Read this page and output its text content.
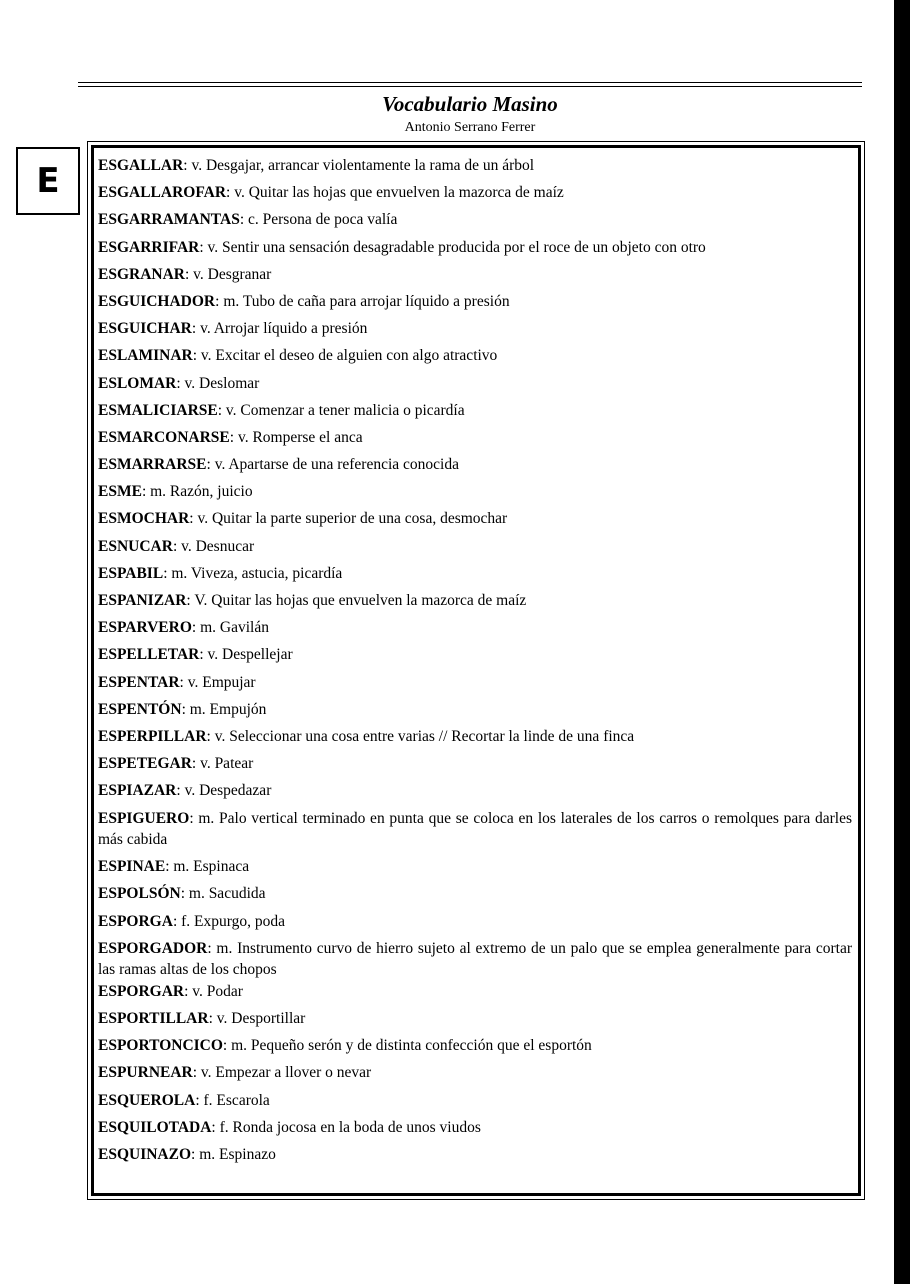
Vocabulario Masino
Antonio Serrano Ferrer
E ESGALLAR: v. Desgajar, arrancar violentamente la rama de un árbol
ESGALLAROFAR: v. Quitar las hojas que envuelven la mazorca de maíz
ESGARRAMANTAS: c. Persona de poca valía
ESGARRIFAR: v. Sentir una sensación desagradable producida por el roce de un objeto con otro
ESGRANAR: v. Desgranar
ESGUICHADOR: m. Tubo de caña para arrojar líquido a presión
ESGUICHAR: v. Arrojar líquido a presión
ESLAMINAR: v. Excitar el deseo de alguien con algo atractivo
ESLOMAR: v. Deslomar
ESMALICIARSE: v. Comenzar a tener malicia o picardía
ESMARCONARSE: v. Romperse el anca
ESMARRARSE: v. Apartarse de una referencia conocida
ESME: m. Razón, juicio
ESMOCHAR: v. Quitar la parte superior de una cosa, desmochar
ESNUCAR: v. Desnucar
ESPABIL: m. Viveza, astucia, picardía
ESPANIZAR: V. Quitar las hojas que envuelven la mazorca de maíz
ESPARVERO: m. Gavilán
ESPELLETAR: v. Despellejar
ESPENTAR: v. Empujar
ESPENTÓN: m. Empujón
ESPERPILLAR: v. Seleccionar una cosa entre varias // Recortar la linde de una finca
ESPETEGAR: v. Patear
ESPIAZAR: v. Despedazar
ESPIGUERO: m. Palo vertical terminado en punta que se coloca en los laterales de los carros o remolques para darles más cabida
ESPINAE: m. Espinaca
ESPOLSÓN: m. Sacudida
ESPORGA: f. Expurgo, poda
ESPORGADOR: m. Instrumento curvo de hierro sujeto al extremo de un palo que se emplea generalmente para cortar las ramas altas de los chopos
ESPORGAR: v. Podar
ESPORTILLAR: v. Desportillar
ESPORTONCICO: m. Pequeño serón y de distinta confección que el esportón
ESPURNEAR: v. Empezar a llover o nevar
ESQUEROLA: f. Escarola
ESQUILOTADA: f. Ronda jocosa en la boda de unos viudos
ESQUINAZO: m. Espinazo
